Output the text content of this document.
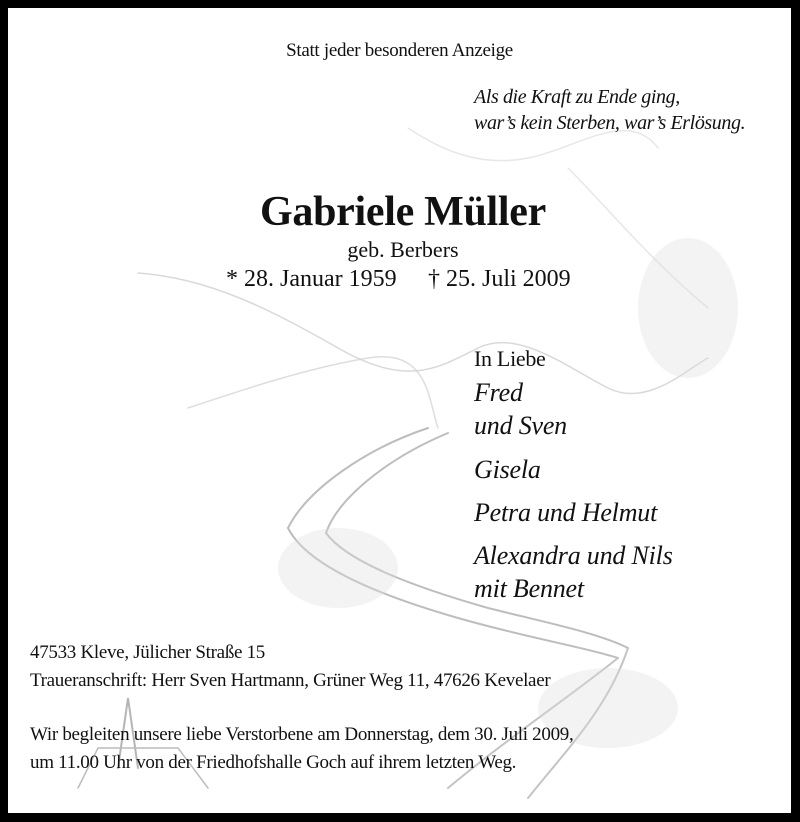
Statt jeder besonderen Anzeige

Als die Kraft zu Ende ging,

war’s kein Sterben, war’s Erlösung.

Gabriele Müller

geb. Berbers

* 28. Januar 1959 † 25. Juli 2009

In Liebe

Fred

und Sven

Gisela

Petra und Helmut

Alexandra und Nils

mit Bennet

47533 Kleve, Jülicher Straße 15

Traueranschrift: Herr Sven Hartmann, Grüner Weg 11, 47626 Kevelaer

Wir begleiten unsere liebe Verstorbene am Donnerstag, dem 30. Juli 2009,

um 11.00 Uhr von der Friedhofshalle Goch auf ihrem letzten Weg.
